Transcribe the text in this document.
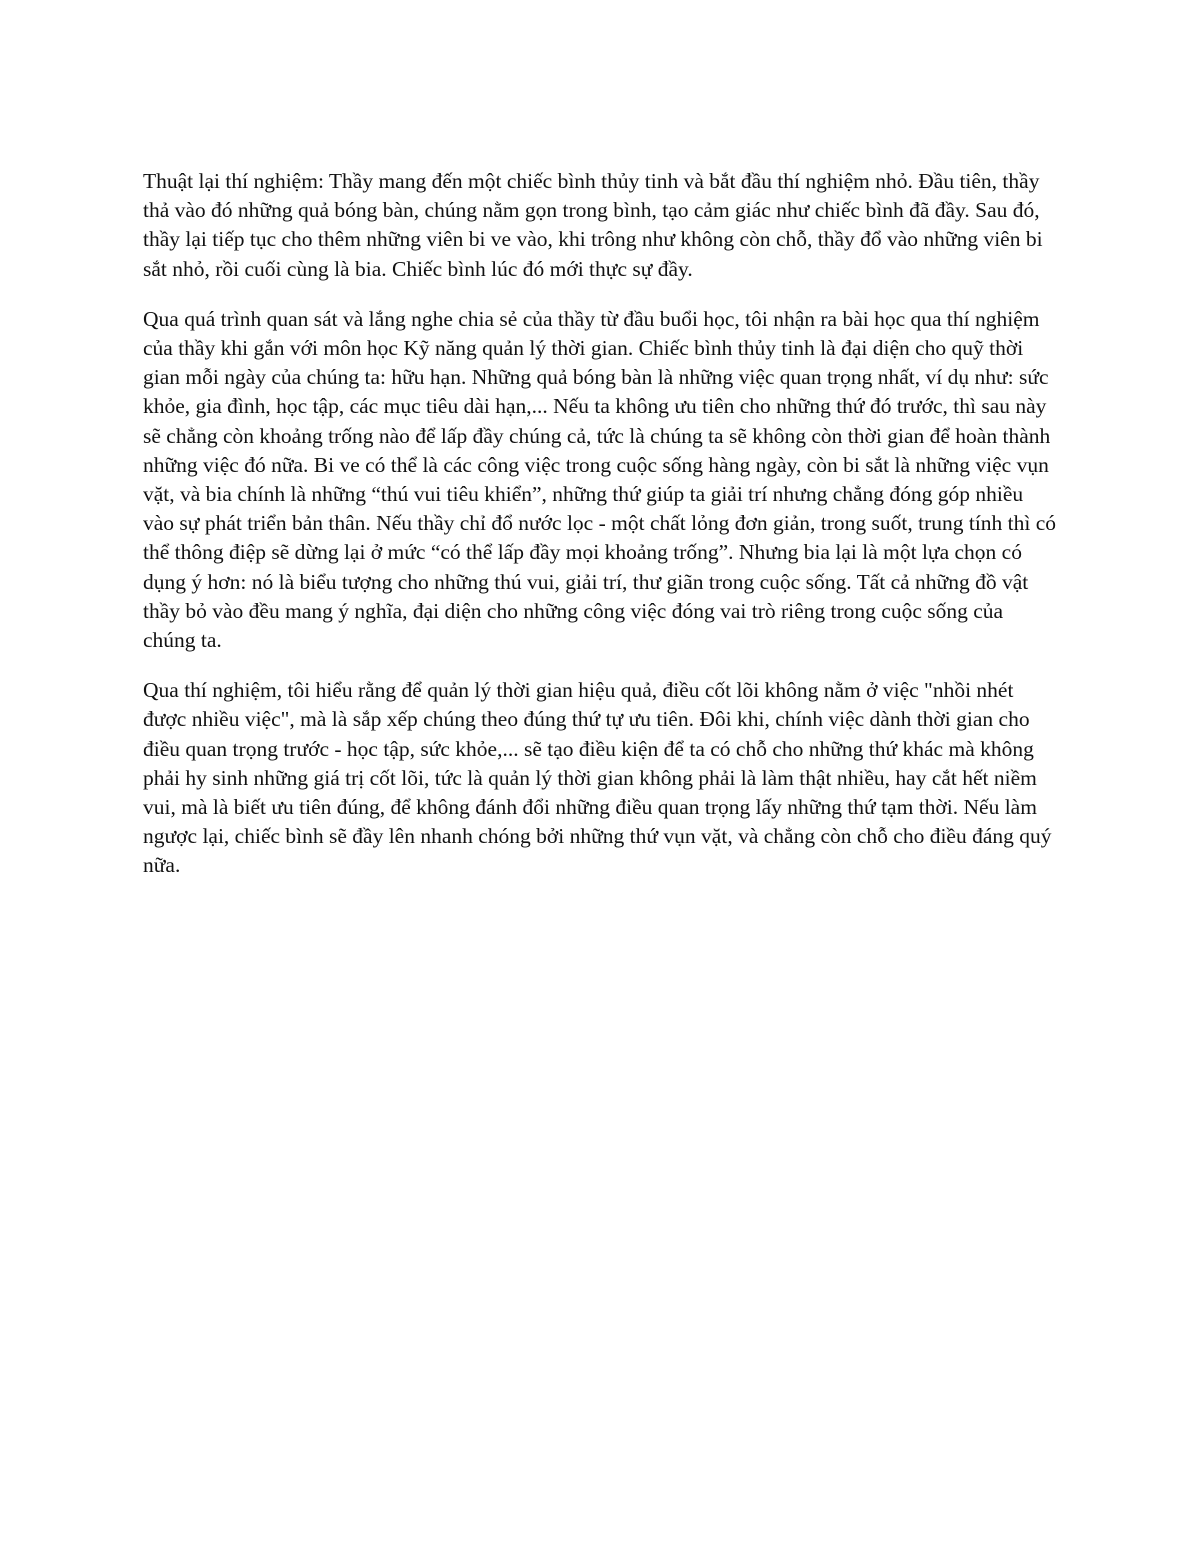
Thuật lại thí nghiệm: Thầy mang đến một chiếc bình thủy tinh và bắt đầu thí nghiệm nhỏ. Đầu tiên, thầy thả vào đó những quả bóng bàn, chúng nằm gọn trong bình, tạo cảm giác như chiếc bình đã đầy. Sau đó, thầy lại tiếp tục cho thêm những viên bi ve vào, khi trông như không còn chỗ, thầy đổ vào những viên bi sắt nhỏ, rồi cuối cùng là bia. Chiếc bình lúc đó mới thực sự đầy.

Qua quá trình quan sát và lắng nghe chia sẻ của thầy từ đầu buổi học, tôi nhận ra bài học qua thí nghiệm của thầy khi gắn với môn học Kỹ năng quản lý thời gian. Chiếc bình thủy tinh là đại diện cho quỹ thời gian mỗi ngày của chúng ta: hữu hạn. Những quả bóng bàn là những việc quan trọng nhất, ví dụ như: sức khỏe, gia đình, học tập, các mục tiêu dài hạn,... Nếu ta không ưu tiên cho những thứ đó trước, thì sau này sẽ chẳng còn khoảng trống nào để lấp đầy chúng cả, tức là chúng ta sẽ không còn thời gian để hoàn thành những việc đó nữa. Bi ve có thể là các công việc trong cuộc sống hàng ngày, còn bi sắt là những việc vụn vặt, và bia chính là những “thú vui tiêu khiển”, những thứ giúp ta giải trí nhưng chẳng đóng góp nhiều vào sự phát triển bản thân. Nếu thầy chỉ đổ nước lọc - một chất lỏng đơn giản, trong suốt, trung tính thì có thể thông điệp sẽ dừng lại ở mức “có thể lấp đầy mọi khoảng trống”. Nhưng bia lại là một lựa chọn có dụng ý hơn: nó là biểu tượng cho những thú vui, giải trí, thư giãn trong cuộc sống. Tất cả những đồ vật thầy bỏ vào đều mang ý nghĩa, đại diện cho những công việc đóng vai trò riêng trong cuộc sống của chúng ta.

Qua thí nghiệm, tôi hiểu rằng để quản lý thời gian hiệu quả, điều cốt lõi không nằm ở việc "nhồi nhét được nhiều việc", mà là sắp xếp chúng theo đúng thứ tự ưu tiên. Đôi khi, chính việc dành thời gian cho điều quan trọng trước - học tập, sức khỏe,... sẽ tạo điều kiện để ta có chỗ cho những thứ khác mà không phải hy sinh những giá trị cốt lõi, tức là quản lý thời gian không phải là làm thật nhiều, hay cắt hết niềm vui, mà là biết ưu tiên đúng, để không đánh đổi những điều quan trọng lấy những thứ tạm thời. Nếu làm ngược lại, chiếc bình sẽ đầy lên nhanh chóng bởi những thứ vụn vặt, và chẳng còn chỗ cho điều đáng quý nữa.
